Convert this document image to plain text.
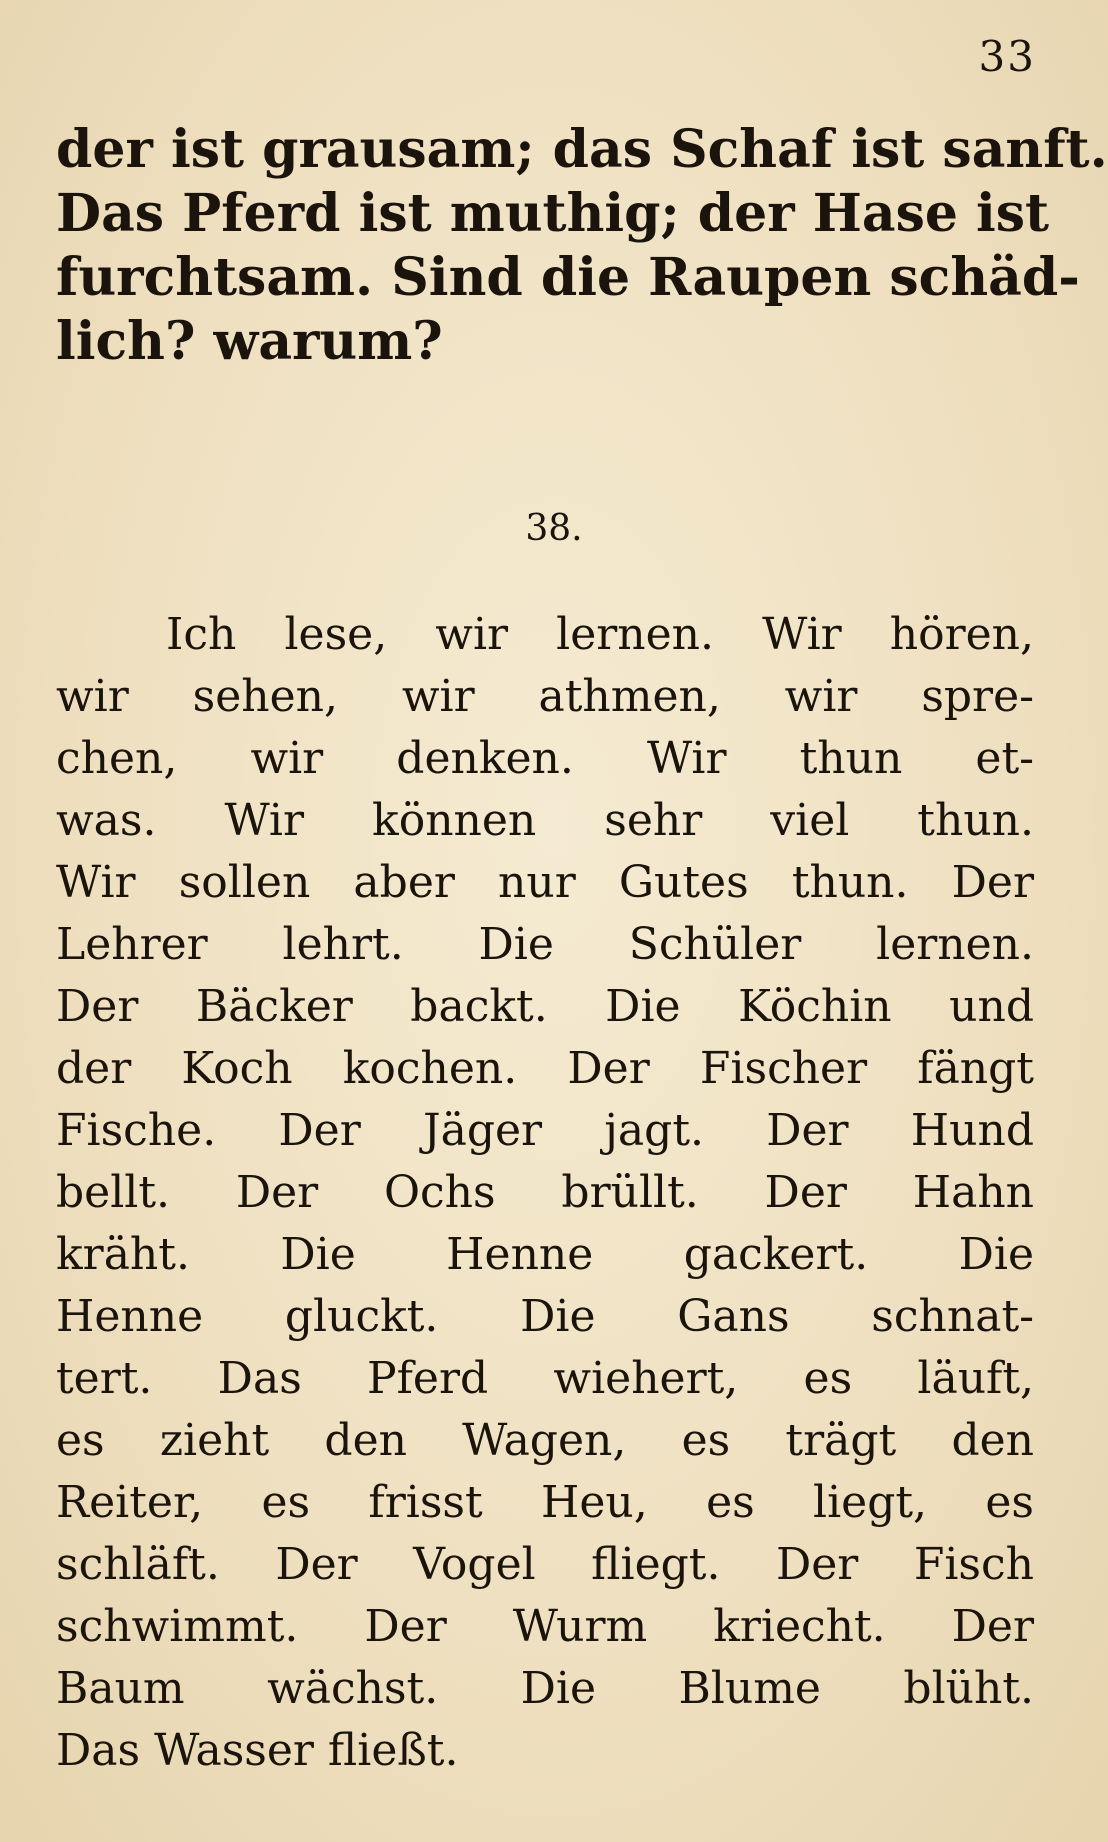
33
der ist grausam; das Schaf ist sanft.
Das Pferd ist muthig; der Hase ist
furchtsam. Sind die Raupen schäd-
lich? warum?
38.
Ich lese, wir lernen. Wir hören,
wir sehen, wir athmen, wir spre-
chen, wir denken. Wir thun et-
was. Wir können sehr viel thun.
Wir sollen aber nur Gutes thun. Der
Lehrer lehrt. Die Schüler lernen.
Der Bäcker backt. Die Köchin und
der Koch kochen. Der Fischer fängt
Fische. Der Jäger jagt. Der Hund
bellt. Der Ochs brüllt. Der Hahn
kräht. Die Henne gackert. Die
Henne gluckt. Die Gans schnat-
tert. Das Pferd wiehert, es läuft,
es zieht den Wagen, es trägt den
Reiter, es frisst Heu, es liegt, es
schläft. Der Vogel fliegt. Der Fisch
schwimmt. Der Wurm kriecht. Der
Baum wächst. Die Blume blüht.
Das Wasser fließt.
